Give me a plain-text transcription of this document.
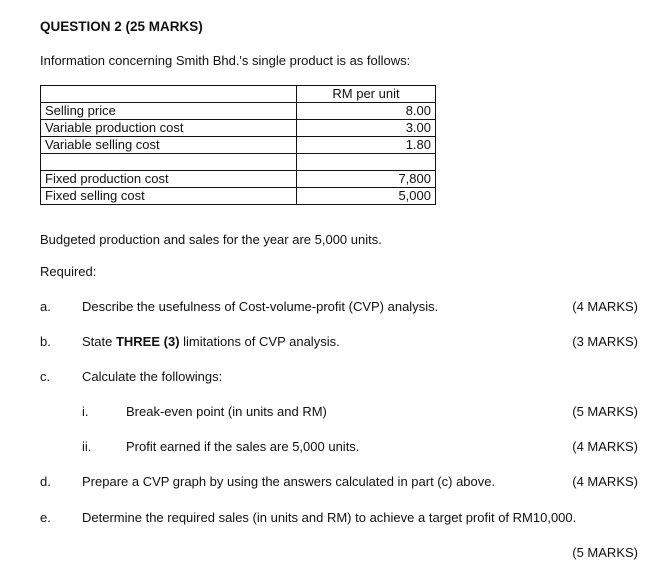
QUESTION 2 (25 MARKS)
Information concerning Smith Bhd.'s single product is as follows:
	RM per unit
Selling price	8.00
Variable production cost	3.00
Variable selling cost	1.80

Fixed production cost	7,800
Fixed selling cost	5,000
Budgeted production and sales for the year are 5,000 units.
Required:
a. Describe the usefulness of Cost-volume-profit (CVP) analysis.	(4 MARKS)
b. State THREE (3) limitations of CVP analysis.	(3 MARKS)
c. Calculate the followings:
i.	Break-even point (in units and RM)	(5 MARKS)
ii.	Profit earned if the sales are 5,000 units.	(4 MARKS)
d. Prepare a CVP graph by using the answers calculated in part (c) above.	(4 MARKS)
e. Determine the required sales (in units and RM) to achieve a target profit of RM10,000.
(5 MARKS)
